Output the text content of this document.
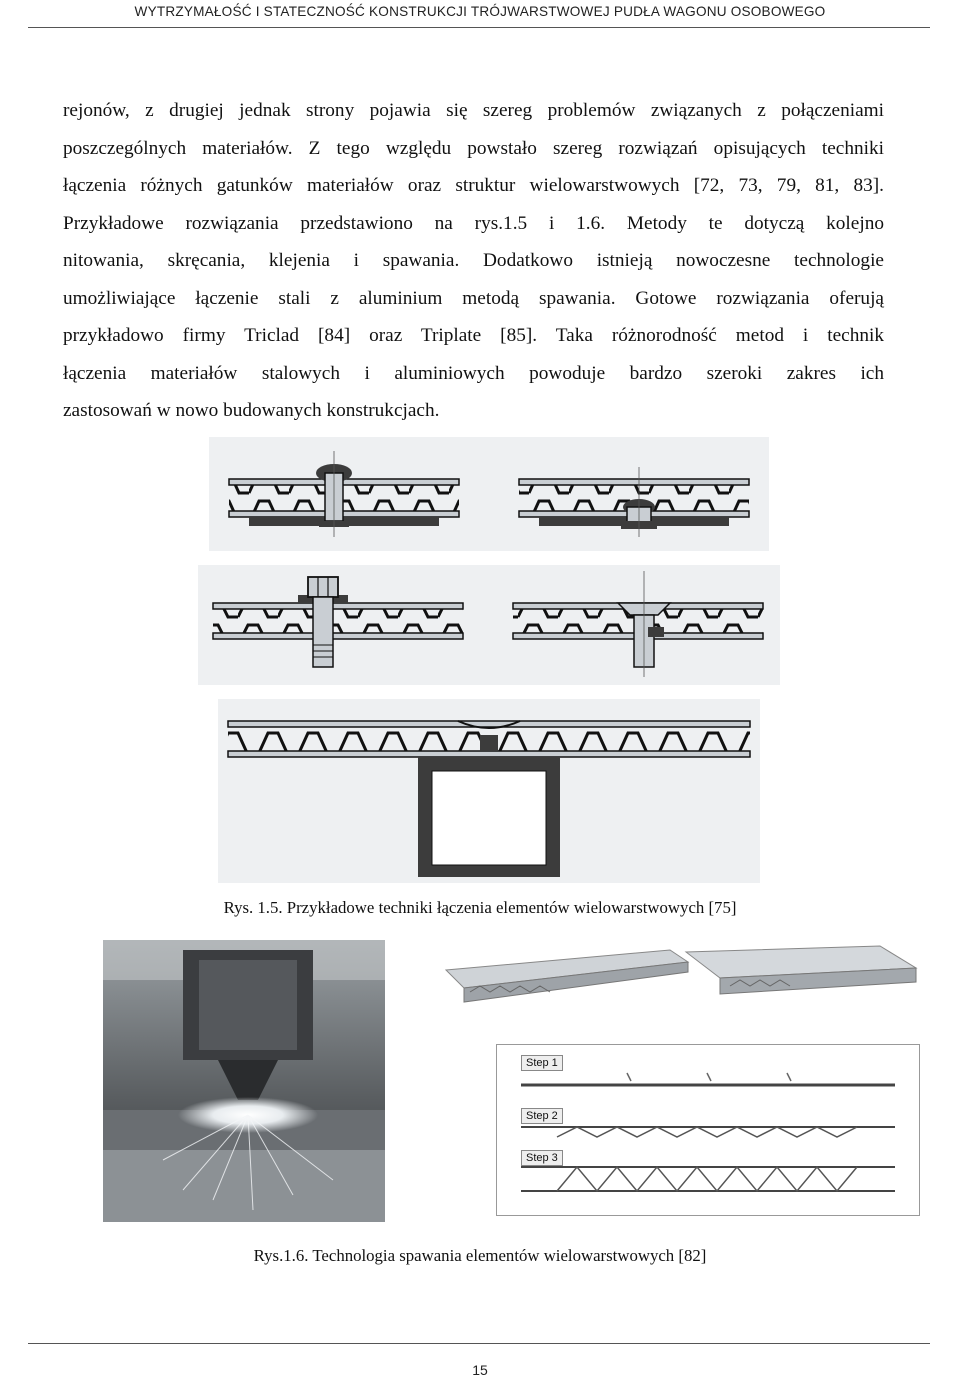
WYTRZYMAŁOŚĆ I STATECZNOŚĆ KONSTRUKCJI TRÓJWARSTWOWEJ PUDŁA WAGONU OSOBOWEGO
rejonów, z drugiej jednak strony pojawia się szereg problemów związanych z połączeniami
poszczególnych materiałów. Z tego względu powstało szereg rozwiązań opisujących techniki
łączenia różnych gatunków materiałów oraz struktur wielowarstwowych [72, 73, 79, 81, 83].
Przykładowe rozwiązania przedstawiono na rys.1.5 i 1.6. Metody te dotyczą kolejno
nitowania, skręcania, klejenia i spawania. Dodatkowo istnieją nowoczesne technologie
umożliwiające łączenie stali z aluminium metodą spawania. Gotowe rozwiązania oferują
przykładowo firmy Triclad [84] oraz Triplate [85]. Taka różnorodność metod i technik
łączenia materiałów stalowych i aluminiowych powoduje bardzo szeroki zakres ich
zastosowań w nowo budowanych konstrukcjach.
Rys. 1.5. Przykładowe techniki łączenia elementów wielowarstwowych [75]
Step 1
Step 2
Step 3
Rys.1.6. Technologia spawania elementów wielowarstwowych [82]
15
